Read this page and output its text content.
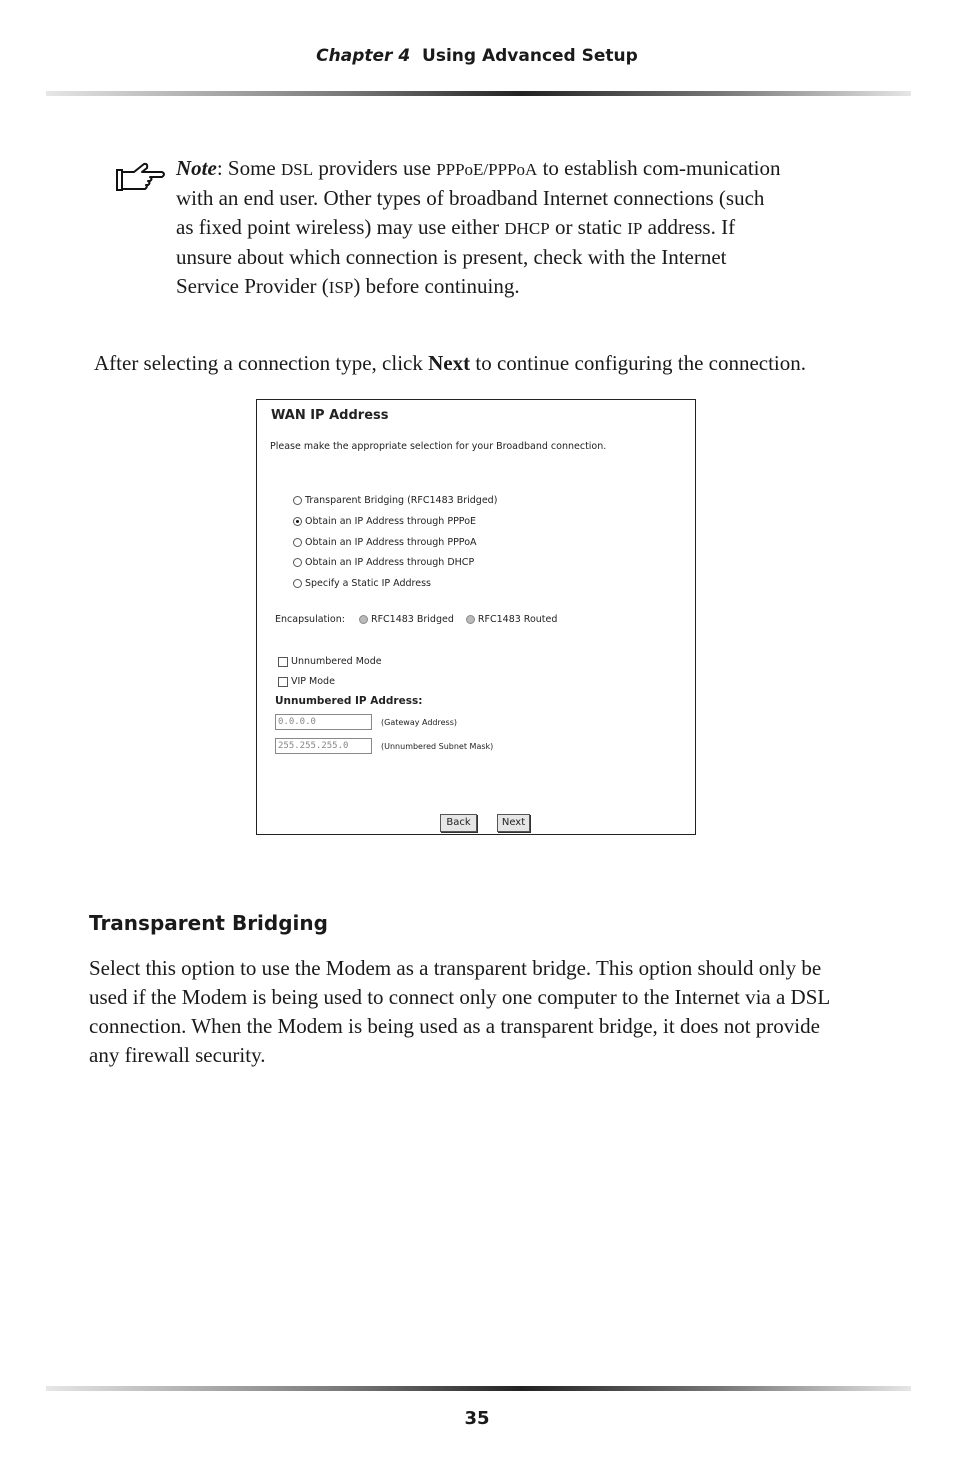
Chapter 4 Using Advanced Setup
Note: Some DSL providers use PPPoE/PPPoA to establish com-munication with an end user. Other types of broadband Internet connections (such as fixed point wireless) may use either DHCP or static IP address. If unsure about which connection is present, check with the Internet Service Provider (ISP) before continuing.
After selecting a connection type, click Next to continue configuring the connection.
WAN IP Address
Please make the appropriate selection for your Broadband connection.
Transparent Bridging (RFC1483 Bridged)
Obtain an IP Address through PPPoE
Obtain an IP Address through PPPoA
Obtain an IP Address through DHCP
Specify a Static IP Address
Encapsulation:
	RFC1483 Bridged
	RFC1483 Routed
Unnumbered Mode
VIP Mode
Unnumbered IP Address:
0.0.0.0	(Gateway Address)
255.255.255.0	(Unnumbered Subnet Mask)
Back	Next
Transparent Bridging
Select this option to use the Modem as a transparent bridge. This option should only be used if the Modem is being used to connect only one computer to the Internet via a DSL connection. When the Modem is being used as a transparent bridge, it does not provide any firewall security.
35
